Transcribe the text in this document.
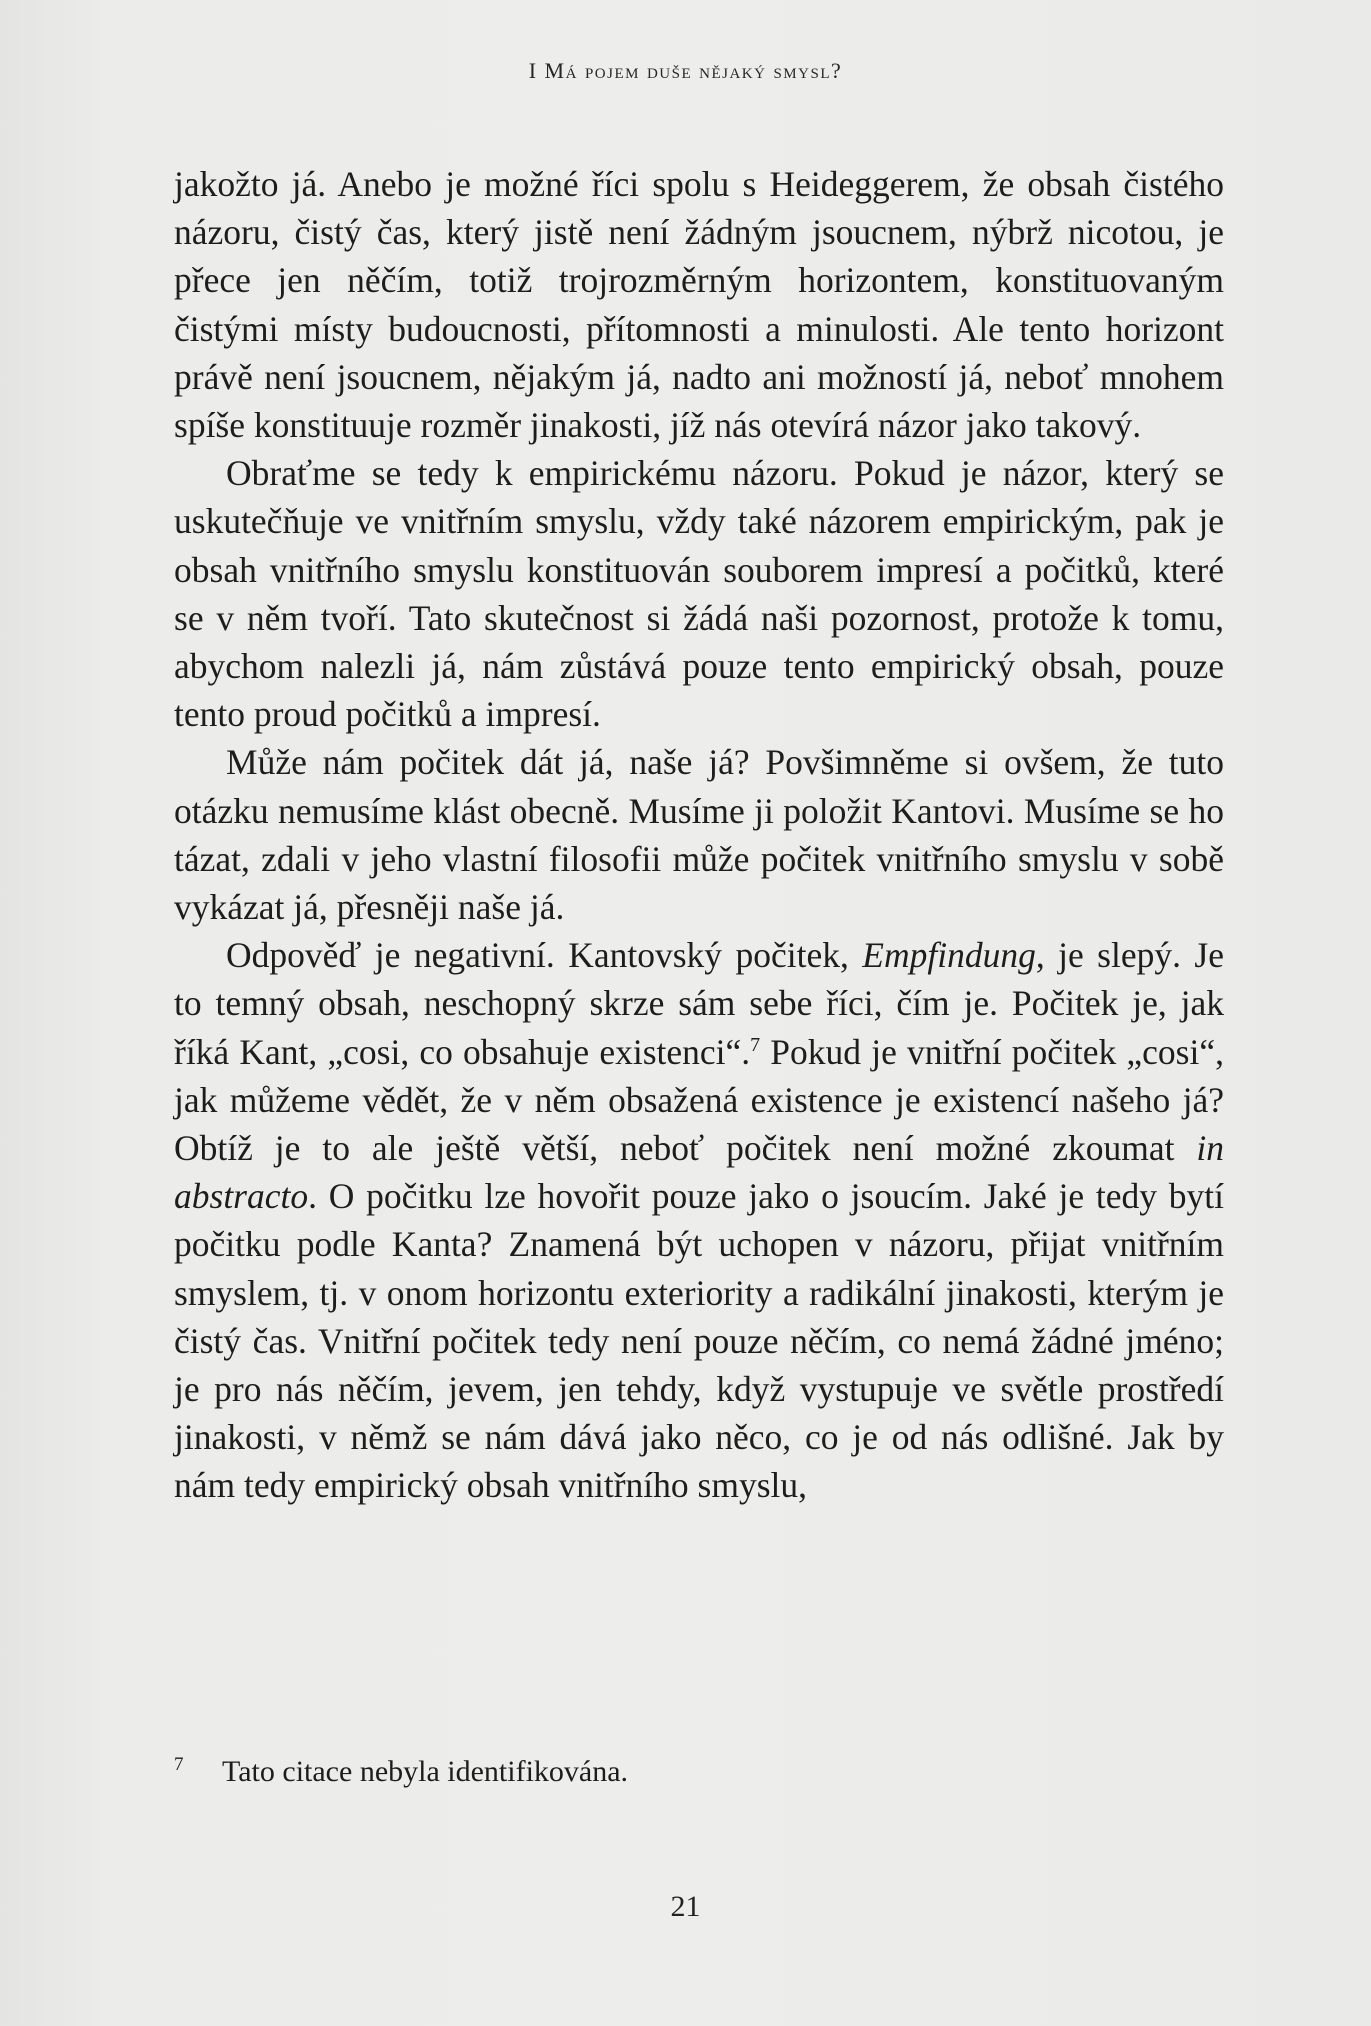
I Má pojem duše nějaký smysl?

jakožto já. Anebo je možné říci spolu s Heideggerem, že obsah čistého názoru, čistý čas, který jistě není žádným jsoucnem, nýbrž nicotou, je přece jen něčím, totiž trojrozměrným horizontem, konstituovaným čistými místy budoucnosti, přítomnosti a minulosti. Ale tento horizont právě není jsoucnem, nějakým já, nadto ani možností já, neboť mnohem spíše konstituuje rozměr jinakosti, jíž nás otevírá názor jako takový.

Obraťme se tedy k empirickému názoru. Pokud je názor, který se uskutečňuje ve vnitřním smyslu, vždy také názorem empirickým, pak je obsah vnitřního smyslu konstituován souborem impresí a počitků, které se v něm tvoří. Tato skutečnost si žádá naši pozornost, protože k tomu, abychom nalezli já, nám zůstává pouze tento empirický obsah, pouze tento proud počitků a impresí.

Může nám počitek dát já, naše já? Povšimněme si ovšem, že tuto otázku nemusíme klást obecně. Musíme ji položit Kantovi. Musíme se ho tázat, zdali v jeho vlastní filosofii může počitek vnitřního smyslu v sobě vykázat já, přesněji naše já.

Odpověď je negativní. Kantovský počitek, Empfindung, je slepý. Je to temný obsah, neschopný skrze sám sebe říci, čím je. Počitek je, jak říká Kant, „cosi, co obsahuje existenci“.$^7$ Pokud je vnitřní počitek „cosi“, jak můžeme vědět, že v něm obsažená existence je existencí našeho já? Obtíž je to ale ještě větší, neboť počitek není možné zkoumat in abstracto. O počitku lze hovořit pouze jako o jsoucím. Jaké je tedy bytí počitku podle Kanta? Znamená být uchopen v názoru, přijat vnitřním smyslem, tj. v onom horizontu exteriority a radikální jinakosti, kterým je čistý čas. Vnitřní počitek tedy není pouze něčím, co nemá žádné jméno; je pro nás něčím, jevem, jen tehdy, když vystupuje ve světle prostředí jinakosti, v němž se nám dává jako něco, co je od nás odlišné. Jak by nám tedy empirický obsah vnitřního smyslu,

7 Tato citace nebyla identifikována.
21
